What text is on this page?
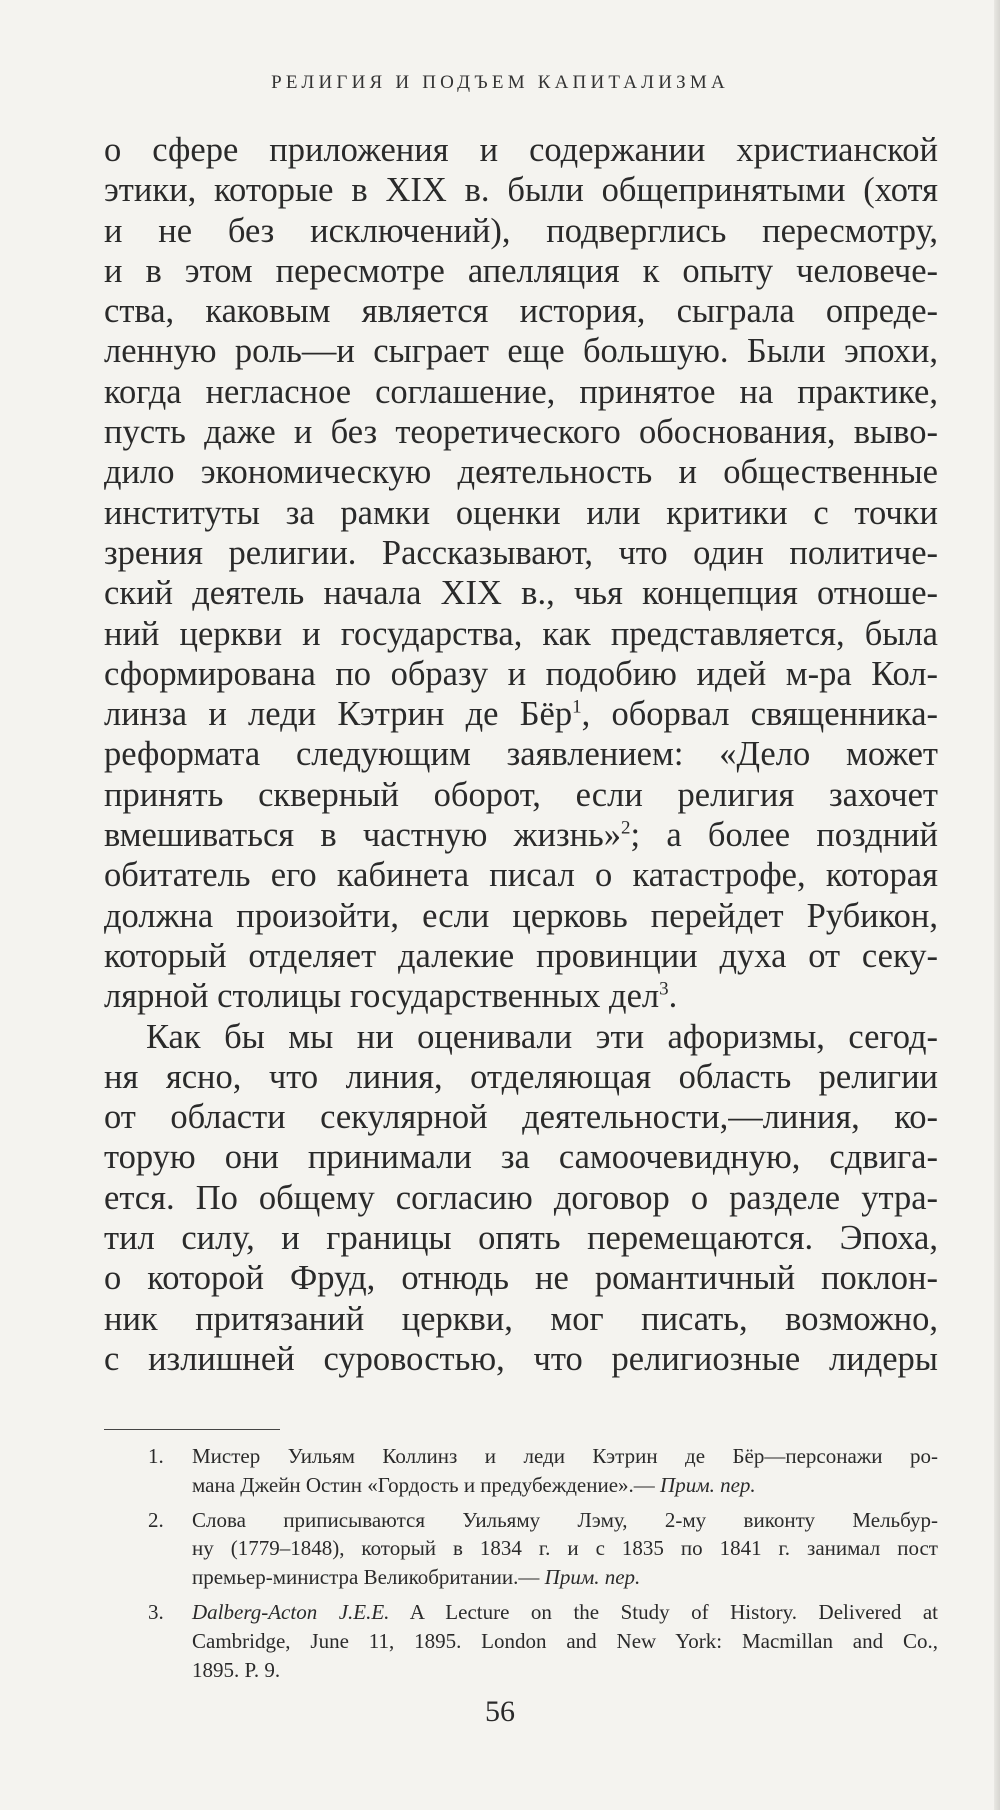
РЕЛИГИЯ И ПОДЪЕМ КАПИТАЛИЗМА
о сфере приложения и содержании христианской
этики, которые в XIX в. были общепринятыми (хотя
и не без исключений), подверглись пересмотру,
и в этом пересмотре апелляция к опыту человече-
ства, каковым является история, сыграла опреде-
ленную роль—и сыграет еще большую. Были эпохи,
когда негласное соглашение, принятое на практике,
пусть даже и без теоретического обоснования, выво-
дило экономическую деятельность и общественные
институты за рамки оценки или критики с точки
зрения религии. Рассказывают, что один политиче-
ский деятель начала XIX в., чья концепция отноше-
ний церкви и государства, как представляется, была
сформирована по образу и подобию идей м-ра Кол-
линза и леди Кэтрин де Бёр$^1$, оборвал священника-
реформата следующим заявлением: «Дело может
принять скверный оборот, если религия захочет
вмешиваться в частную жизнь»$^2$; а более поздний
обитатель его кабинета писал о катастрофе, которая
должна произойти, если церковь перейдет Рубикон,
который отделяет далекие провинции духа от секу-
лярной столицы государственных дел$^3$.
Как бы мы ни оценивали эти афоризмы, сегод-
ня ясно, что линия, отделяющая область религии
от области секулярной деятельности,—линия, ко-
торую они принимали за самоочевидную, сдвига-
ется. По общему согласию договор о разделе утра-
тил силу, и границы опять перемещаются. Эпоха,
о которой Фруд, отнюдь не романтичный поклон-
ник притязаний церкви, мог писать, возможно,
с излишней суровостью, что религиозные лидеры
1. Мистер Уильям Коллинз и леди Кэтрин де Бёр—персонажи ро-
мана Джейн Остин «Гордость и предубеждение».— Прим. пер.
2. Слова приписываются Уильяму Лэму, 2-му виконту Мельбур-
ну (1779–1848), который в 1834 г. и с 1835 по 1841 г. занимал пост
премьер-министра Великобритании.— Прим. пер.
3. Dalberg-Acton J.E.E. A Lecture on the Study of History. Delivered at
Cambridge, June 11, 1895. London and New York: Macmillan and Co.,
1895. P. 9.
56
